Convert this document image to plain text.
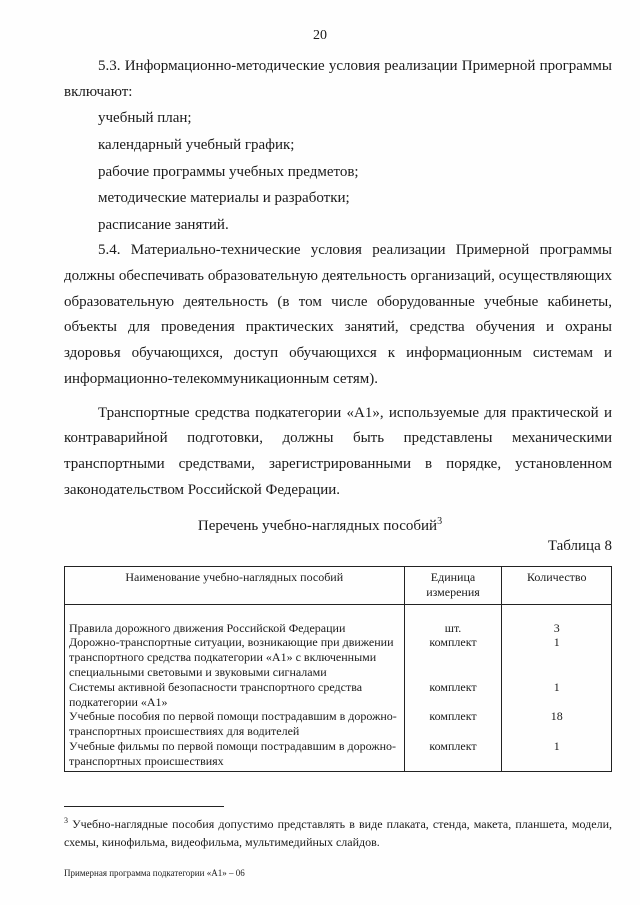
20

5.3. Информационно-методические условия реализации Примерной программы включают:

учебный план;
календарный учебный график;
рабочие программы учебных предметов;
методические материалы и разработки;
расписание занятий.

5.4. Материально-технические условия реализации Примерной программы должны обеспечивать образовательную деятельность организаций, осуществляющих образовательную деятельность (в том числе оборудованные учебные кабинеты, объекты для проведения практических занятий, средства обучения и охраны здоровья обучающихся, доступ обучающихся к информационным системам и информационно-телекоммуникационным сетям).

Транспортные средства подкатегории «А1», используемые для практической и контраварийной подготовки, должны быть представлены механическими транспортными средствами, зарегистрированными в порядке, установленном законодательством Российской Федерации.

Перечень учебно-наглядных пособий$^3$
Таблица 8
Наименование учебно-наглядных пособий	Единица измерения	Количество
Правила дорожного движения Российской Федерации	шт.	3
Дорожно-транспортные ситуации, возникающие при движении транспортного средства подкатегории «А1» с включенными специальными световыми и звуковыми сигналами	комплект	1
Системы активной безопасности транспортного средства подкатегории «А1»	комплект	1
Учебные пособия по первой помощи пострадавшим в дорожно-транспортных происшествиях для водителей	комплект	18
Учебные фильмы по первой помощи пострадавшим в дорожно-транспортных происшествиях	комплект	1
$^3$ Учебно-наглядные пособия допустимо представлять в виде плаката, стенда, макета, планшета, модели, схемы, кинофильма, видеофильма, мультимедийных слайдов.
Примерная программа подкатегории «А1» – 06
